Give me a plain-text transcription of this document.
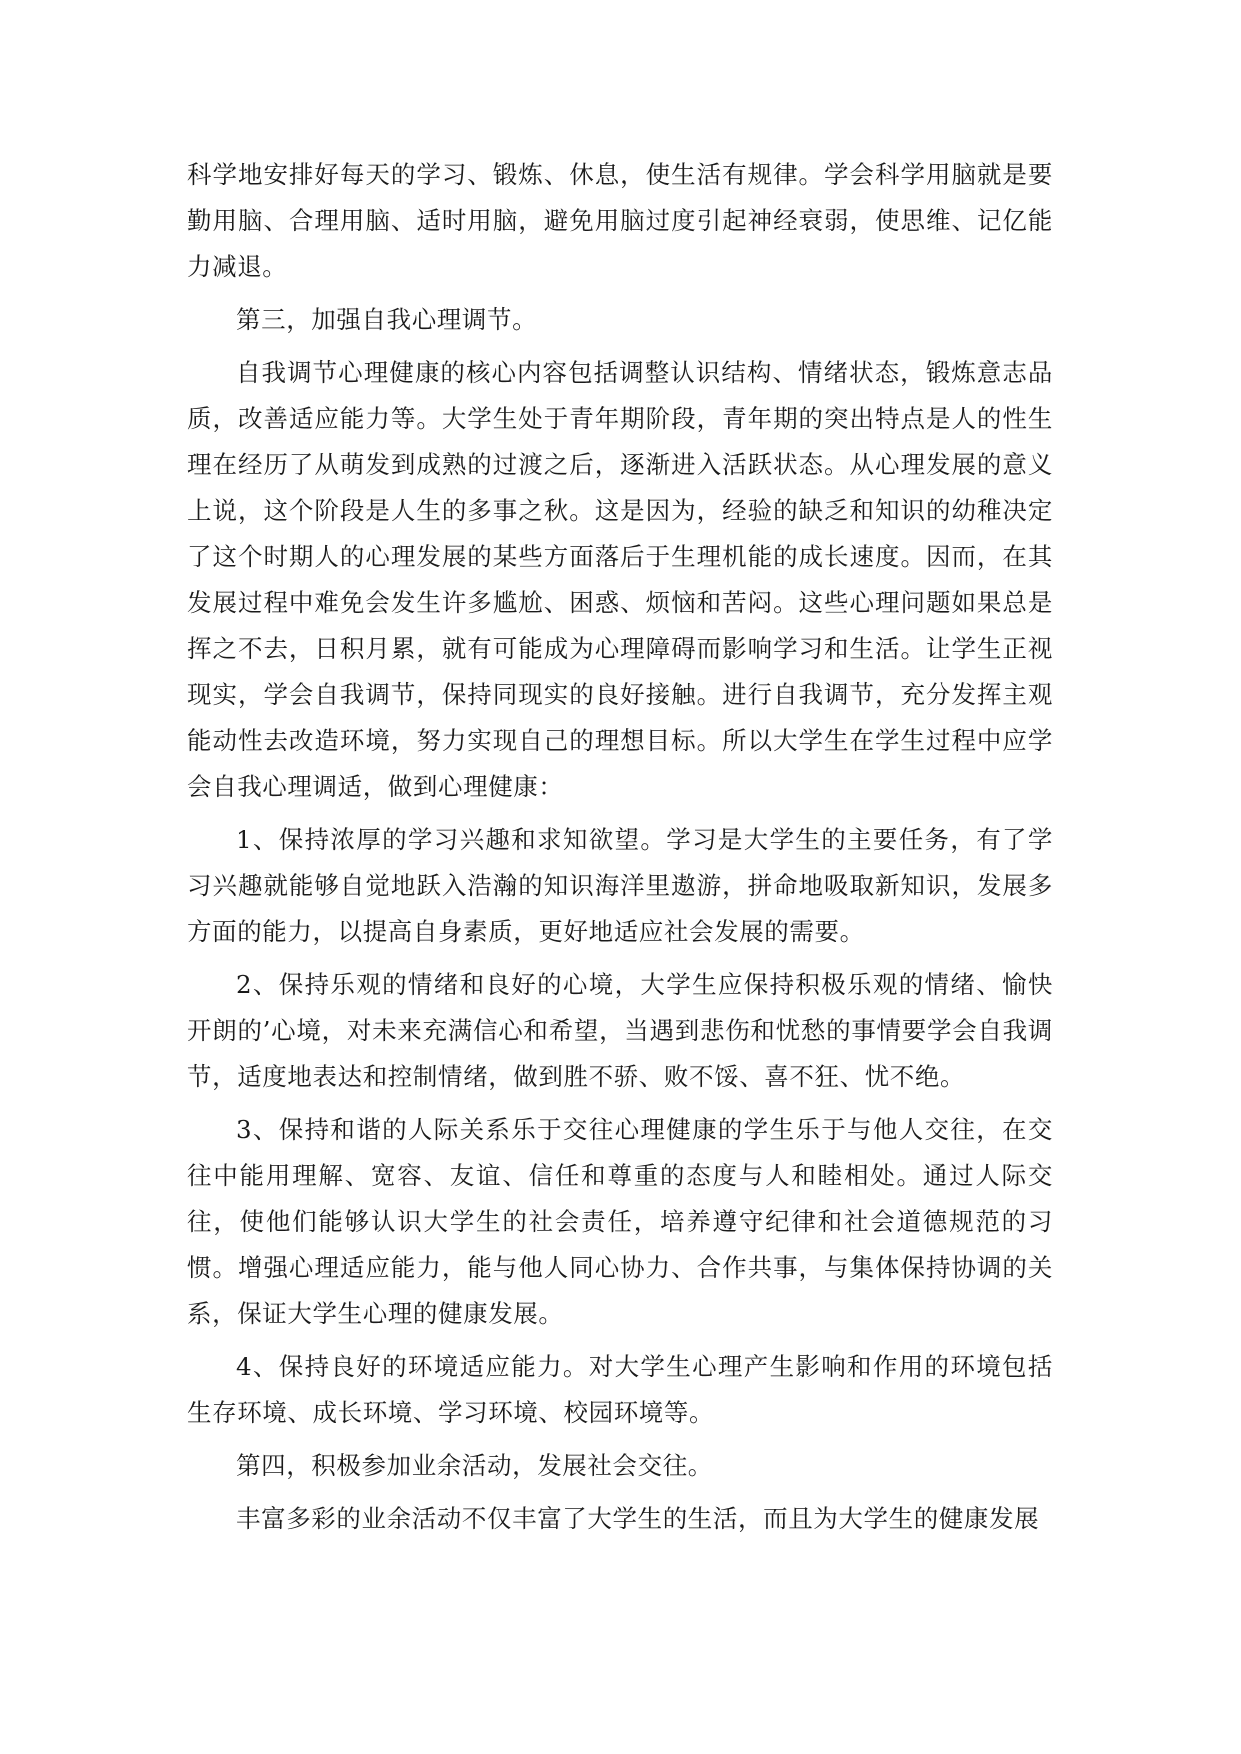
科学地安排好每天的学习、锻炼、休息，使生活有规律。学会科学用脑就是要勤用脑、合理用脑、适时用脑，避免用脑过度引起神经衰弱，使思维、记亿能力减退。

第三，加强自我心理调节。

自我调节心理健康的核心内容包括调整认识结构、情绪状态，锻炼意志品质，改善适应能力等。大学生处于青年期阶段，青年期的突出特点是人的性生理在经历了从萌发到成熟的过渡之后，逐渐进入活跃状态。从心理发展的意义上说，这个阶段是人生的多事之秋。这是因为，经验的缺乏和知识的幼稚决定了这个时期人的心理发展的某些方面落后于生理机能的成长速度。因而，在其发展过程中难免会发生许多尴尬、困惑、烦恼和苦闷。这些心理问题如果总是挥之不去，日积月累，就有可能成为心理障碍而影响学习和生活。让学生正视现实，学会自我调节，保持同现实的良好接触。进行自我调节，充分发挥主观能动性去改造环境，努力实现自己的理想目标。所以大学生在学生过程中应学会自我心理调适，做到心理健康：

1、保持浓厚的学习兴趣和求知欲望。学习是大学生的主要任务，有了学习兴趣就能够自觉地跃入浩瀚的知识海洋里遨游，拼命地吸取新知识，发展多方面的能力，以提高自身素质，更好地适应社会发展的需要。

2、保持乐观的情绪和良好的心境，大学生应保持积极乐观的情绪、愉快开朗的’心境，对未来充满信心和希望，当遇到悲伤和忧愁的事情要学会自我调节，适度地表达和控制情绪，做到胜不骄、败不馁、喜不狂、忧不绝。

3、保持和谐的人际关系乐于交往心理健康的学生乐于与他人交往，在交往中能用理解、宽容、友谊、信任和尊重的态度与人和睦相处。通过人际交往，使他们能够认识大学生的社会责任，培养遵守纪律和社会道德规范的习惯。增强心理适应能力，能与他人同心协力、合作共事，与集体保持协调的关系，保证大学生心理的健康发展。

4、保持良好的环境适应能力。对大学生心理产生影响和作用的环境包括生存环境、成长环境、学习环境、校园环境等。

第四，积极参加业余活动，发展社会交往。

丰富多彩的业余活动不仅丰富了大学生的生活，而且为大学生的健康发展
